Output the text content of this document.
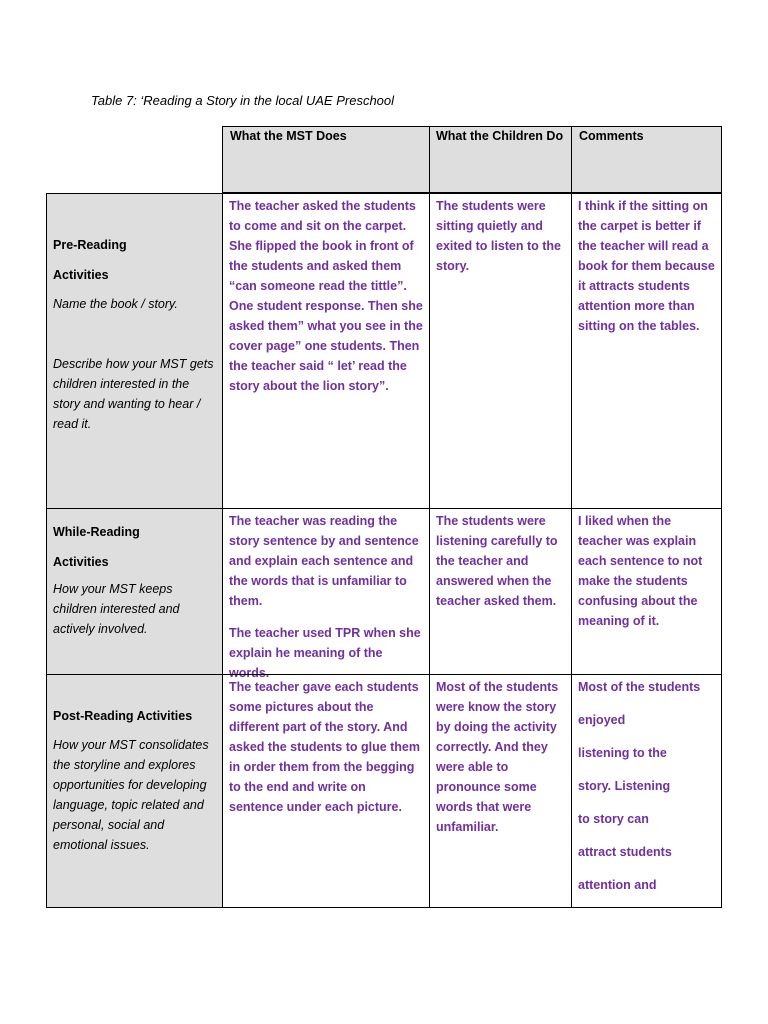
Table 7: ‘Reading a Story in the local UAE Preschool
What the MST Does	What the Children Do Comments
Pre-Reading
Activities
Name the book / story.
Describe how your MST gets children interested in the story and wanting to hear / read it.

The teacher asked the students to come and sit on the carpet. She flipped the book in front of the students and asked them “can someone read the tittle”. One student response. Then she asked them” what you see in the cover page” one students. Then the teacher said “ let’ read the story about the lion story”.

The students were sitting quietly and exited to listen to the story.

I think if the sitting on the carpet is better if the teacher will read a book for them because it attracts students attention more than sitting on the tables.

While-Reading
Activities
How your MST keeps children interested and actively involved.

The teacher was reading the story sentence by and sentence and explain each sentence and the words that is unfamiliar to them.

The teacher used TPR when she explain he meaning of the words.

The students were listening carefully to the teacher and answered when the teacher asked them.

I liked when the teacher was explain each sentence to not make the students confusing about the meaning of it.

Post-Reading Activities
How your MST consolidates the storyline and explores opportunities for developing language, topic related and personal, social and emotional issues.

The teacher gave each students some pictures about the different part of the story. And asked the students to glue them in order them from the begging to the end and write on sentence under each picture.

Most of the students were know the story by doing the activity correctly. And they were able to pronounce some words that were unfamiliar.

Most of the students

enjoyed

listening to the

story. Listening

to story can

attract students

attention and
